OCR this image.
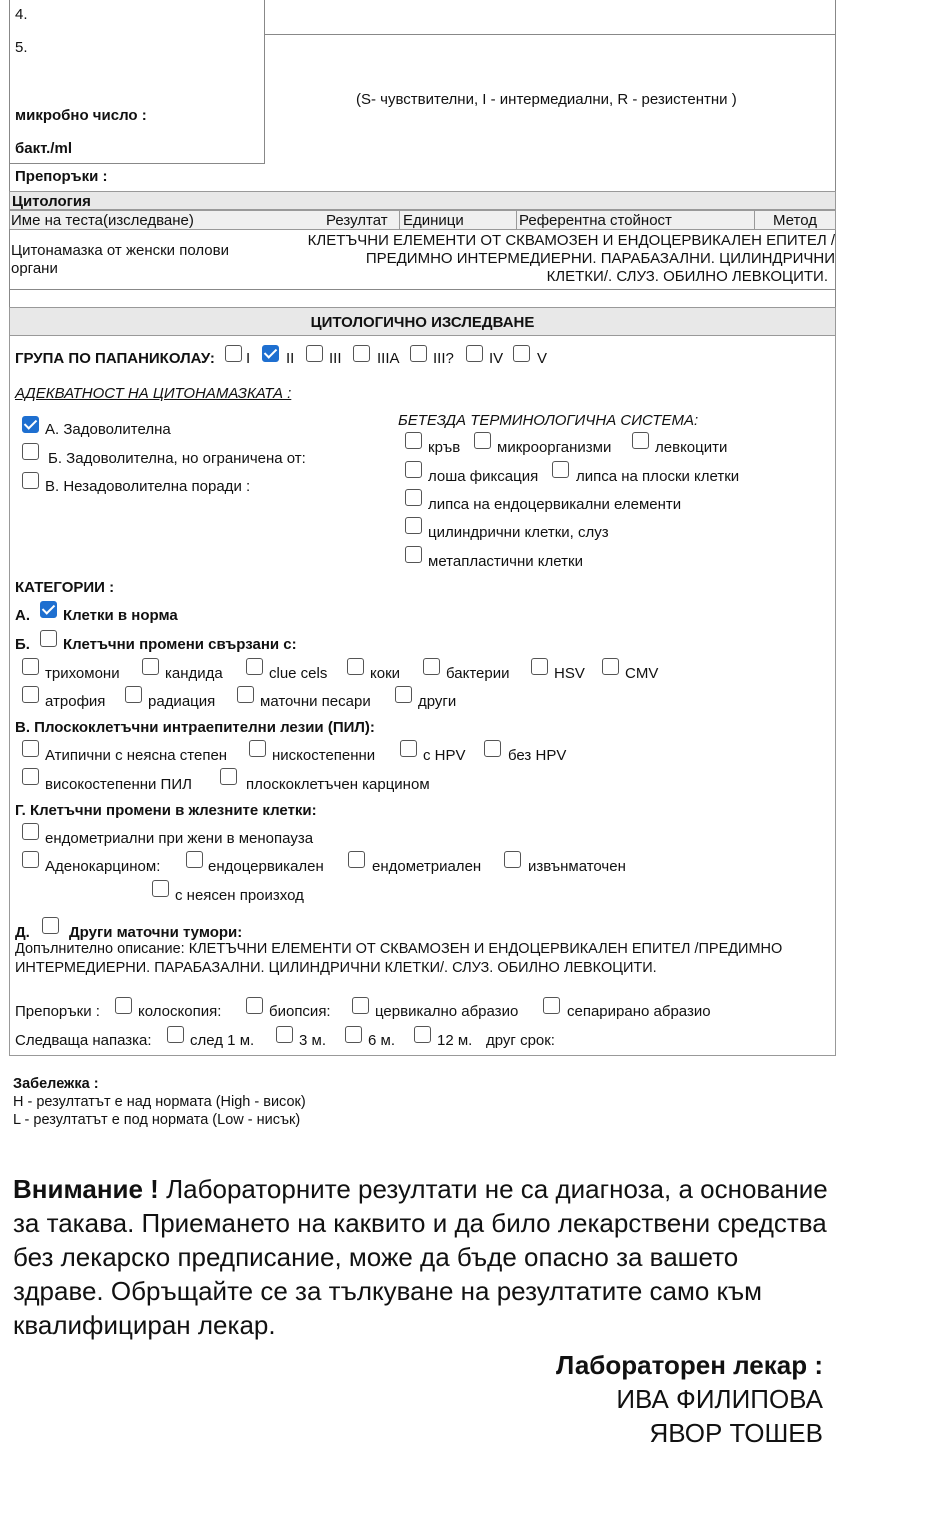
4.
5.
микробно число :
бакт./ml
(S- чувствителни, I - интермедиални, R - резистентни )
Препоръки :
Цитология
Име на теста(изследване)	Резултат Единици	Референтна стойност	Метод
Цитонамазка от женски полови
органи
КЛЕТЪЧНИ ЕЛЕМЕНТИ ОТ СКВАМОЗЕН И ЕНДОЦЕРВИКАЛЕН ЕПИТЕЛ /
ПРЕДИМНО ИНТЕРМЕДИЕРНИ. ПАРАБАЗАЛНИ. ЦИЛИНДРИЧНИ
КЛЕТКИ/. СЛУЗ. ОБИЛНО ЛЕВКОЦИТИ.
ЦИТОЛОГИЧНО ИЗСЛЕДВАНЕ
ГРУПА ПО ПАПАНИКОЛАУ: I II III IIIA III? IV V
АДЕКВАТНОСТ НА ЦИТОНАМАЗКАТА :
А. Задоволителна
Б. Задоволителна, но ограничена от:
В. Незадоволителна поради :
БЕТЕЗДА ТЕРМИНОЛОГИЧНА СИСТЕМА:
кръв микроорганизми	левкоцити
лоша фиксация	липса на плоски клетки
липса на ендоцервикални елементи
цилиндрични клетки, слуз
метапластични клетки
КАТЕГОРИИ :
А. Клетки в норма
Б. Клетъчни промени свързани с:
трихомони	кандида	clue cels	коки	бактерии	HSV	CMV
атрофия	радиация	маточни песари	други
В. Плоскоклетъчни интраепителни лезии (ПИЛ):
Атипични с неясна степен	нискостепенни	с HPV	без HPV
високостепенни ПИЛ	плоскоклетъчен карцином
Г. Клетъчни промени в жлезните клетки:
ендометриални при жени в менопауза
Аденокарцином:	ендоцервикален	ендометриален	извънматочен
с неясен произход
Д.	Други маточни тумори:
Допълнително описание: КЛЕТЪЧНИ ЕЛЕМЕНТИ ОТ СКВАМОЗЕН И ЕНДОЦЕРВИКАЛЕН ЕПИТЕЛ /ПРЕДИМНО
ИНТЕРМЕДИЕРНИ. ПАРАБАЗАЛНИ. ЦИЛИНДРИЧНИ КЛЕТКИ/. СЛУЗ. ОБИЛНО ЛЕВКОЦИТИ.
Препоръки :	колоскопия:	биопсия:	цервикално абразио	сепарирано абразио
Следваща напазка:	след 1 м.	3 м.	6 м.	12 м. друг срок:
Забележка :
H - резултатът е над нормата (High - висок)
L - резултатът е под нормата (Low - нисък)
Внимание ! Лабораторните резултати не са диагноза, а основание за такава. Приемането на каквито и да било лекарствени средства без лекарско предписание, може да бъде опасно за вашето здраве. Обръщайте се за тълкуване на резултатите само към квалифициран лекар.
Лабораторен лекар :
ИВА ФИЛИПОВА
ЯВОР ТОШЕВ
